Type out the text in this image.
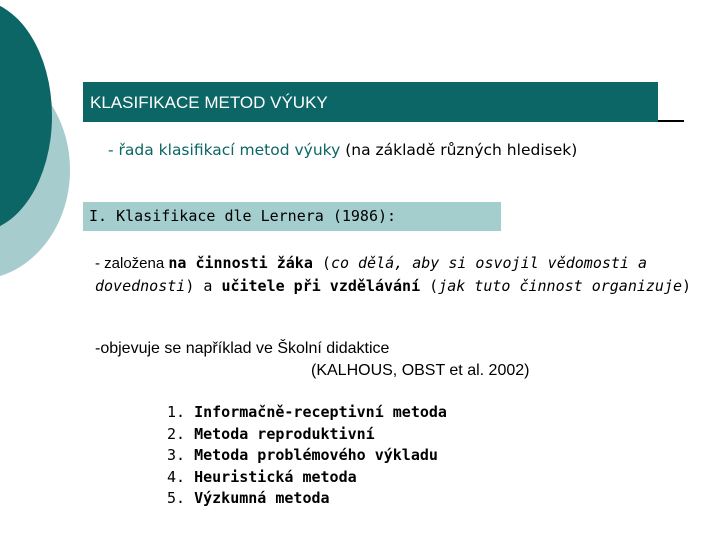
KLASIFIKACE METOD VÝUKY
- řada klasifikací metod výuky (na základě různých hledisek)
I. Klasifikace dle Lernera (1986):
- založena na činnosti žáka (co dělá, aby si osvojil vědomosti a dovednosti) a učitele při vzdělávání (jak tuto činnost organizuje)
-objevuje se například ve Školní didaktice
(KALHOUS, OBST et al. 2002)
1. Informačně-receptivní metoda
2. Metoda reproduktivní
3. Metoda problémového výkladu
4. Heuristická metoda
5. Výzkumná metoda
